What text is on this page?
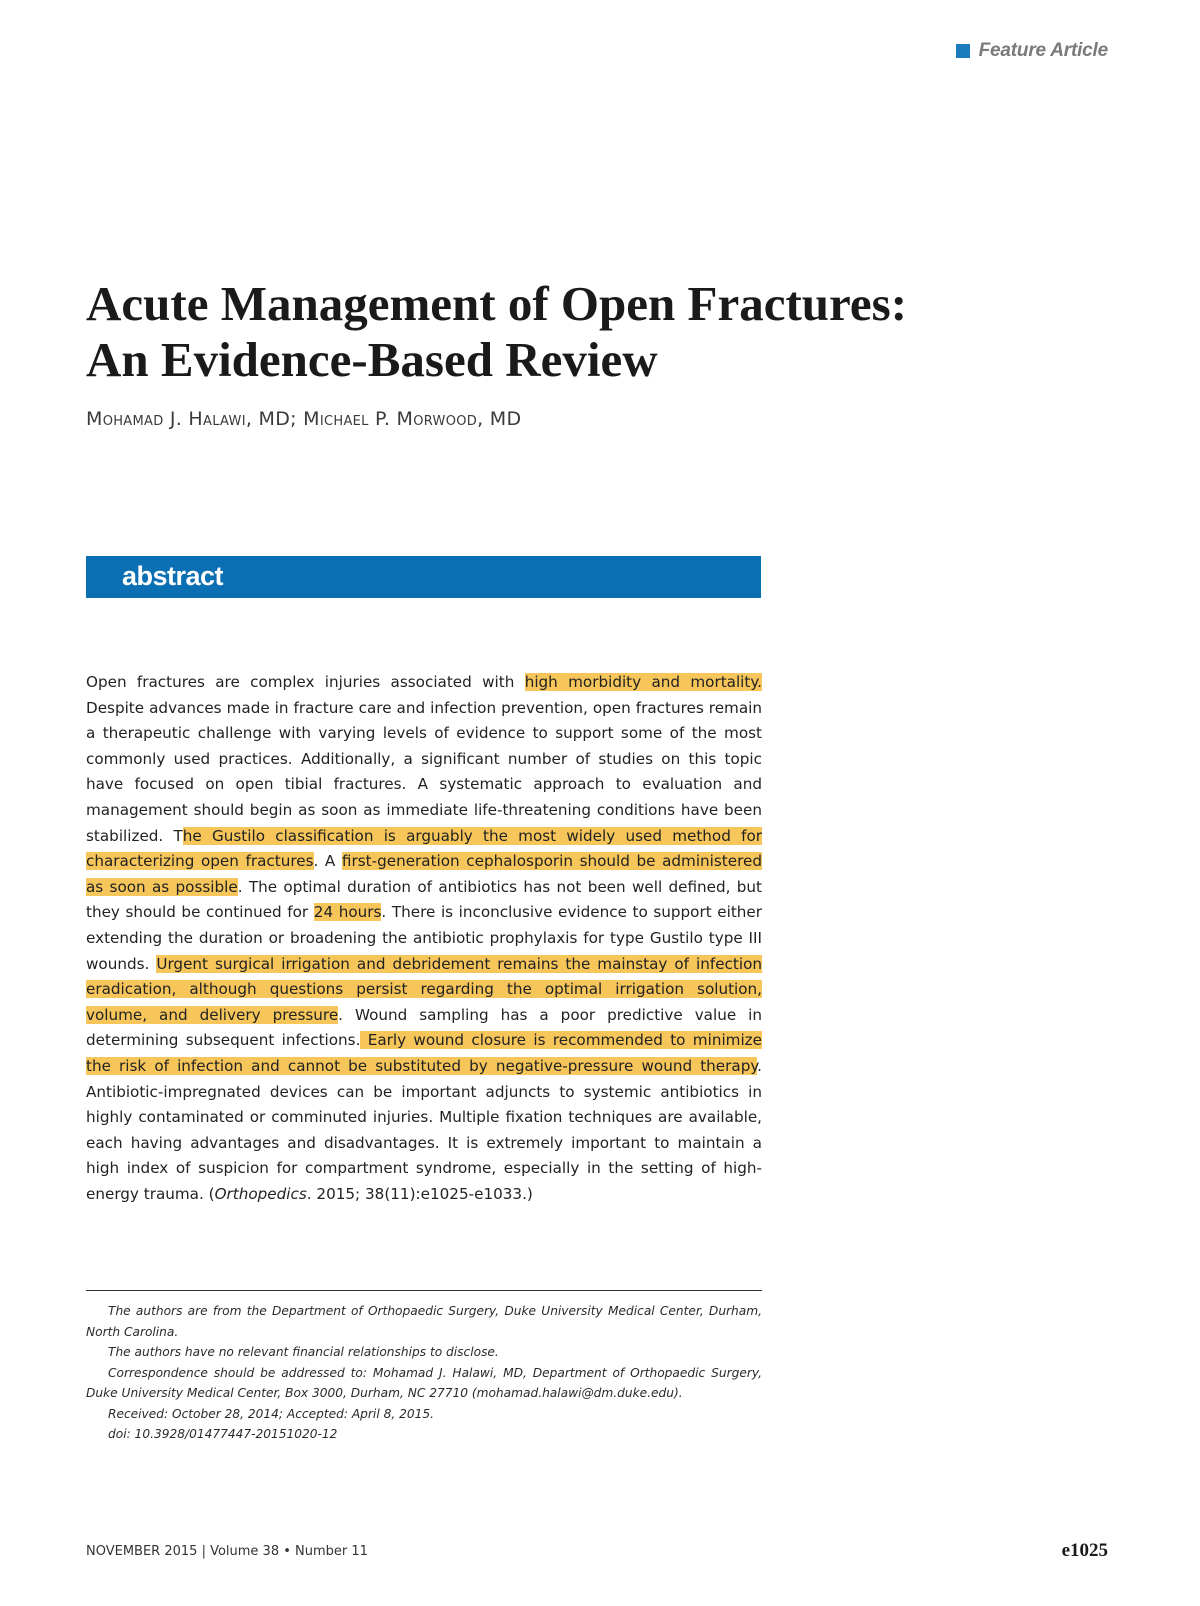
Feature Article
Acute Management of Open Fractures:
An Evidence-Based Review
Mohamad J. Halawi, MD; Michael P. Morwood, MD
abstract

Open fractures are complex injuries associated with high morbidity and mortality. Despite advances made in fracture care and infection prevention, open fractures remain a therapeutic challenge with varying levels of evidence to support some of the most commonly used practices. Additionally, a significant number of studies on this topic have focused on open tibial fractures. A systematic approach to evaluation and management should begin as soon as immediate life-threatening conditions have been stabilized. The Gustilo classification is arguably the most widely used method for characterizing open fractures. A first-generation cephalosporin should be administered as soon as possible. The optimal duration of antibiotics has not been well defined, but they should be continued for 24 hours. There is inconclusive evidence to support either extending the duration or broadening the antibiotic prophylaxis for type Gustilo type III wounds. Urgent surgical irrigation and debridement remains the mainstay of infection eradication, although questions persist regarding the optimal irrigation solution, volume, and delivery pressure. Wound sampling has a poor predictive value in determining subsequent infections. Early wound closure is recommended to minimize the risk of infection and cannot be substituted by negative-pressure wound therapy. Antibiotic-impregnated devices can be important adjuncts to systemic antibiotics in highly contaminated or comminuted injuries. Multiple fixation techniques are available, each having advantages and disadvantages. It is extremely important to maintain a high index of suspicion for compartment syndrome, especially in the setting of high-energy trauma. (Orthopedics. 2015; 38(11):e1025-e1033.)

The authors are from the Department of Orthopaedic Surgery, Duke University Medical Center, Durham, North Carolina.

The authors have no relevant financial relationships to disclose.

Correspondence should be addressed to: Mohamad J. Halawi, MD, Department of Orthopaedic Surgery, Duke University Medical Center, Box 3000, Durham, NC 27710 (mohamad.halawi@dm.duke.edu).

Received: October 28, 2014; Accepted: April 8, 2015.

doi: 10.3928/01477447-20151020-12

NOVEMBER 2015 | Volume 38 • Number 11	e1025
